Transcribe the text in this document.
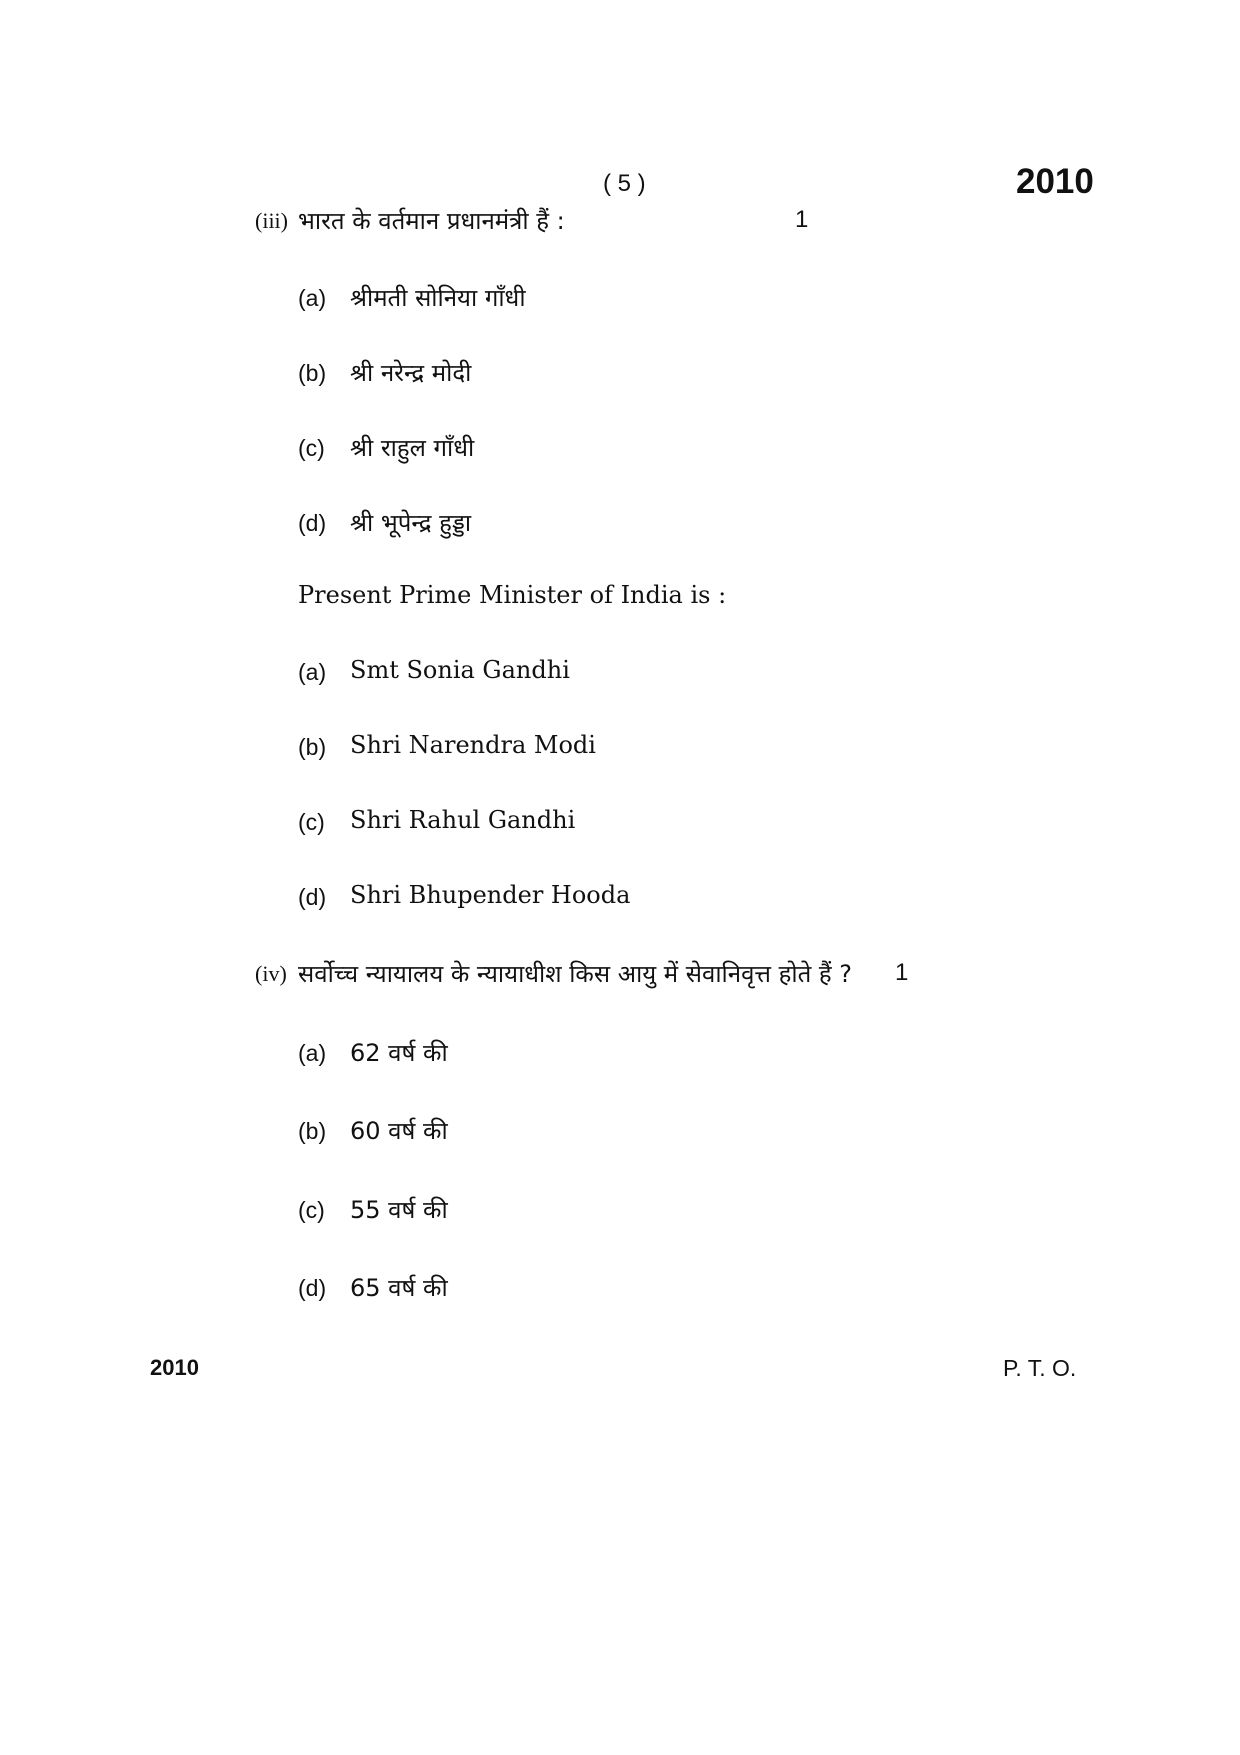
( 5 )	2010
(iii) भारत के वर्तमान प्रधानमंत्री हैं :	1
(a) श्रीमती सोनिया गाँधी
(b) श्री नरेन्द्र मोदी
(c) श्री राहुल गाँधी
(d) श्री भूपेन्द्र हुड्डा
Present Prime Minister of India is :
(a) Smt Sonia Gandhi
(b) Shri Narendra Modi
(c) Shri Rahul Gandhi
(d) Shri Bhupender Hooda
(iv) सर्वोच्च न्यायालय के न्यायाधीश किस आयु में सेवानिवृत्त होते हैं ? 1
(a) 62 वर्ष की
(b) 60 वर्ष की
(c) 55 वर्ष की
(d) 65 वर्ष की
2010	P. T. O.
